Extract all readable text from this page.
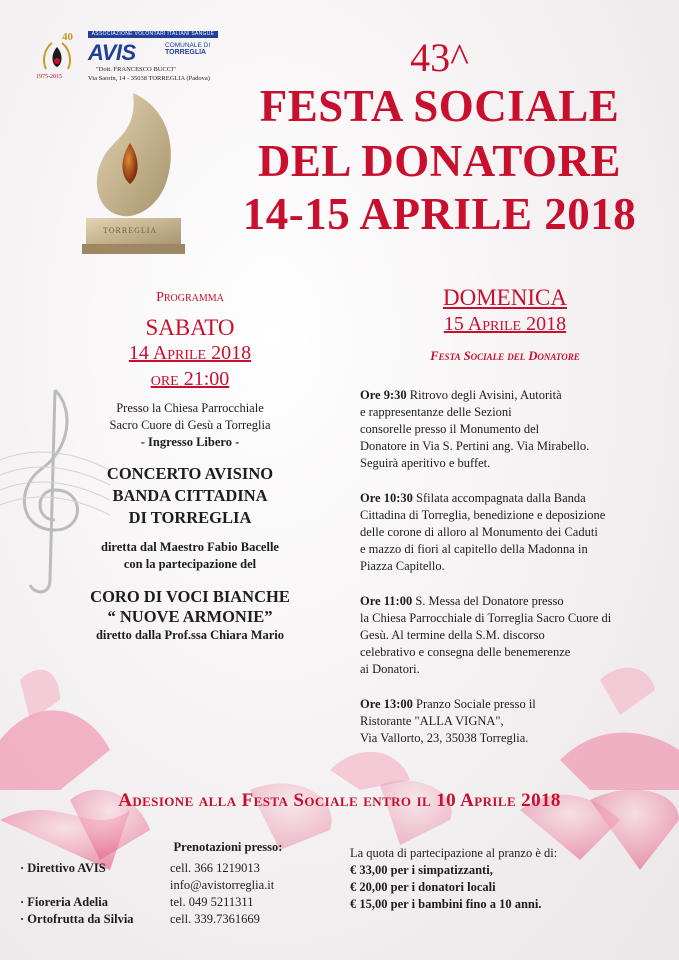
40
1975-2015
ASSOCIAZIONE VOLONTARI ITALIANI SANGUE
AVIS	COMUNALE DI
TORREGLIA
"Dott. FRANCESCO BUCCI"
Via Saorin, 14 - 35038 TORREGLIA (Padova)
TORREGLIA
43^
FESTA SOCIALE
DEL DONATORE
14-15 APRILE 2018
Programma
SABATO
14 Aprile 2018
ore 21:00
Presso la Chiesa Parrocchiale
Sacro Cuore di Gesù a Torreglia
- Ingresso Libero -
CONCERTO AVISINO
BANDA CITTADINA
DI TORREGLIA
diretta dal Maestro Fabio Bacelle
con la partecipazione del
CORO DI VOCI BIANCHE
“ NUOVE ARMONIE”
diretto dalla Prof.ssa Chiara Mario
DOMENICA
15 Aprile 2018
Festa Sociale del Donatore
Ore 9:30 Ritrovo degli Avisini, Autorità
e rappresentanze delle Sezioni
consorelle presso il Monumento del
Donatore in Via S. Pertini ang. Via Mirabello.
Seguirà aperitivo e buffet.
Ore 10:30 Sfilata accompagnata dalla Banda
Cittadina di Torreglia, benedizione e deposizione
delle corone di alloro al Monumento dei Caduti
e mazzo di fiori al capitello della Madonna in
Piazza Capitello.
Ore 11:00 S. Messa del Donatore presso
la Chiesa Parrocchiale di Torreglia Sacro Cuore di
Gesù. Al termine della S.M. discorso
celebrativo e consegna delle benemerenze
ai Donatori.
Ore 13:00 Pranzo Sociale presso il
Ristorante "ALLA VIGNA",
Via Vallorto, 23, 35038 Torreglia.
Adesione alla Festa Sociale entro il 10 Aprile 2018
Prenotazioni presso:
· Direttivo AVIS	cell. 366 1219013
info@avistorreglia.it
· Fioreria Adelia	tel. 049 5211311
· Ortofrutta da Silvia	cell. 339.7361669
La quota di partecipazione al pranzo è di:
€ 33,00 per i simpatizzanti,
€ 20,00 per i donatori locali
€ 15,00 per i bambini fino a 10 anni.
